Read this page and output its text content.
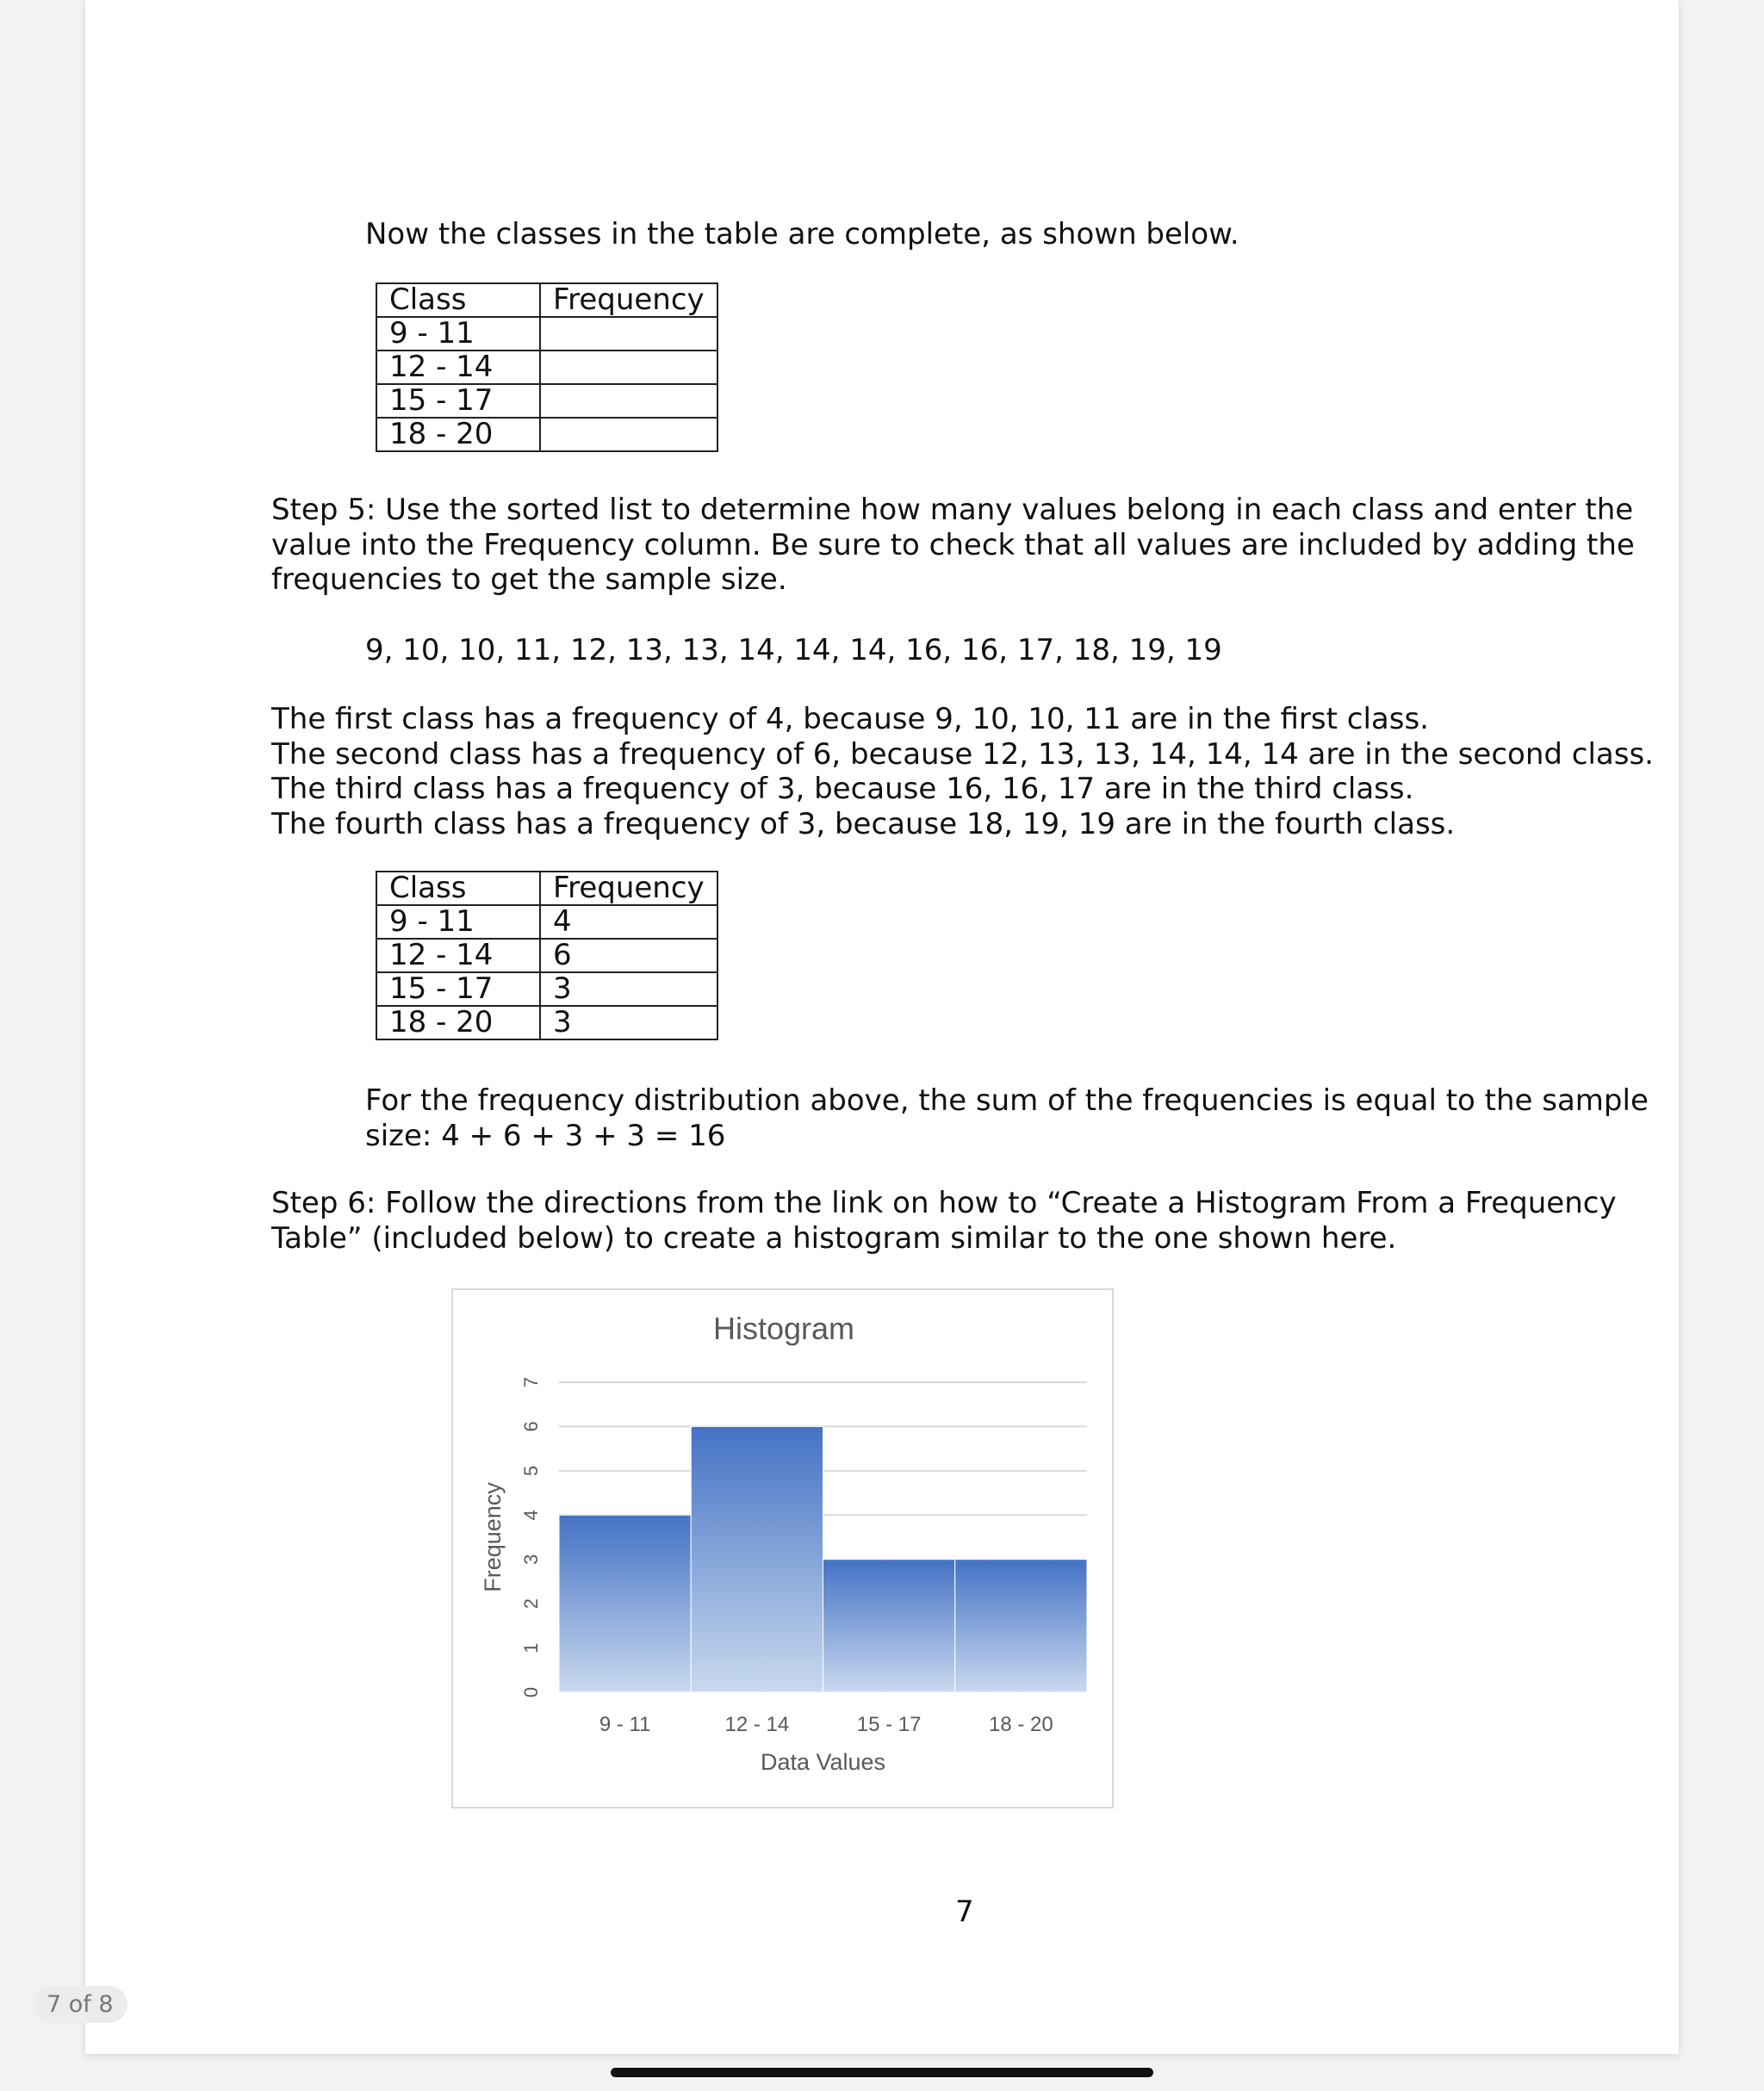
Now the classes in the table are complete, as shown below.

Class	Frequency
9 - 11	
12 - 14	
15 - 17	
18 - 20	

Step 5: Use the sorted list to determine how many values belong in each class and enter the
value into the Frequency column. Be sure to check that all values are included by adding the
frequencies to get the sample size.

9, 10, 10, 11, 12, 13, 13, 14, 14, 14, 16, 16, 17, 18, 19, 19

The first class has a frequency of 4, because 9, 10, 10, 11 are in the first class.

The second class has a frequency of 6, because 12, 13, 13, 14, 14, 14 are in the second class.

The third class has a frequency of 3, because 16, 16, 17 are in the third class.

The fourth class has a frequency of 3, because 18, 19, 19 are in the fourth class.

Class	Frequency
9 - 11	4
12 - 14	6
15 - 17	3
18 - 20	3

For the frequency distribution above, the sum of the frequencies is equal to the sample
size: 4 + 6 + 3 + 3 = 16

Step 6: Follow the directions from the link on how to “Create a Histogram From a Frequency
Table” (included below) to create a histogram similar to the one shown here.

Histogram
0
1
2
3
4
5
6
7
9 - 11	12 - 14	15 - 17	18 - 20
Data Values
Frequency
7
7 of 8
